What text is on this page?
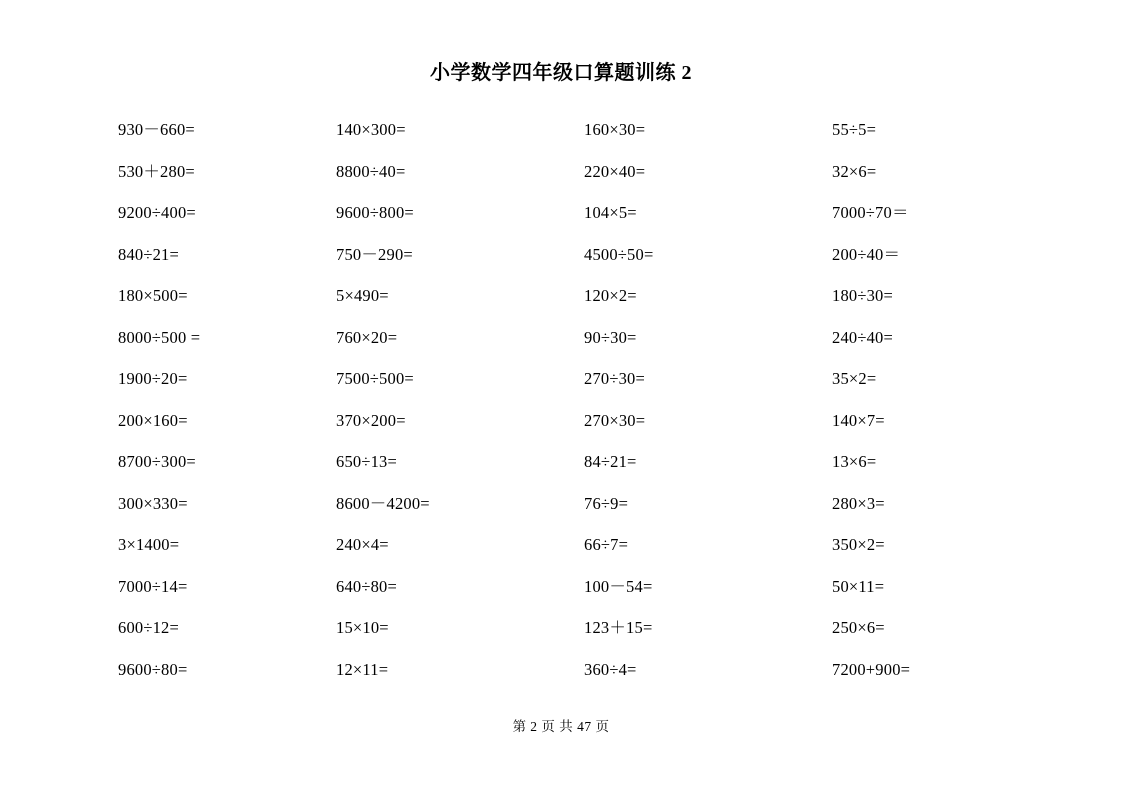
小学数学四年级口算题训练 2
930－660=	140×300=	160×30=	55÷5=
530＋280=	8800÷40=	220×40=	32×6=
9200÷400=	9600÷800=	104×5=	7000÷70＝
840÷21=	750－290=	4500÷50=	200÷40＝
180×500=	5×490=	120×2=	180÷30=
8000÷500 =	760×20=	90÷30=	240÷40=
1900÷20=	7500÷500=	270÷30=	35×2=
200×160=	370×200=	270×30=	140×7=
8700÷300=	650÷13=	84÷21=	13×6=
300×330=	8600－4200=	76÷9=	280×3=
3×1400=	240×4=	66÷7=	350×2=
7000÷14=	640÷80=	100－54=	50×11=
600÷12=	15×10=	123＋15=	250×6=
9600÷80=	12×11=	360÷4=	7200+900=
第 2 页 共 47 页
